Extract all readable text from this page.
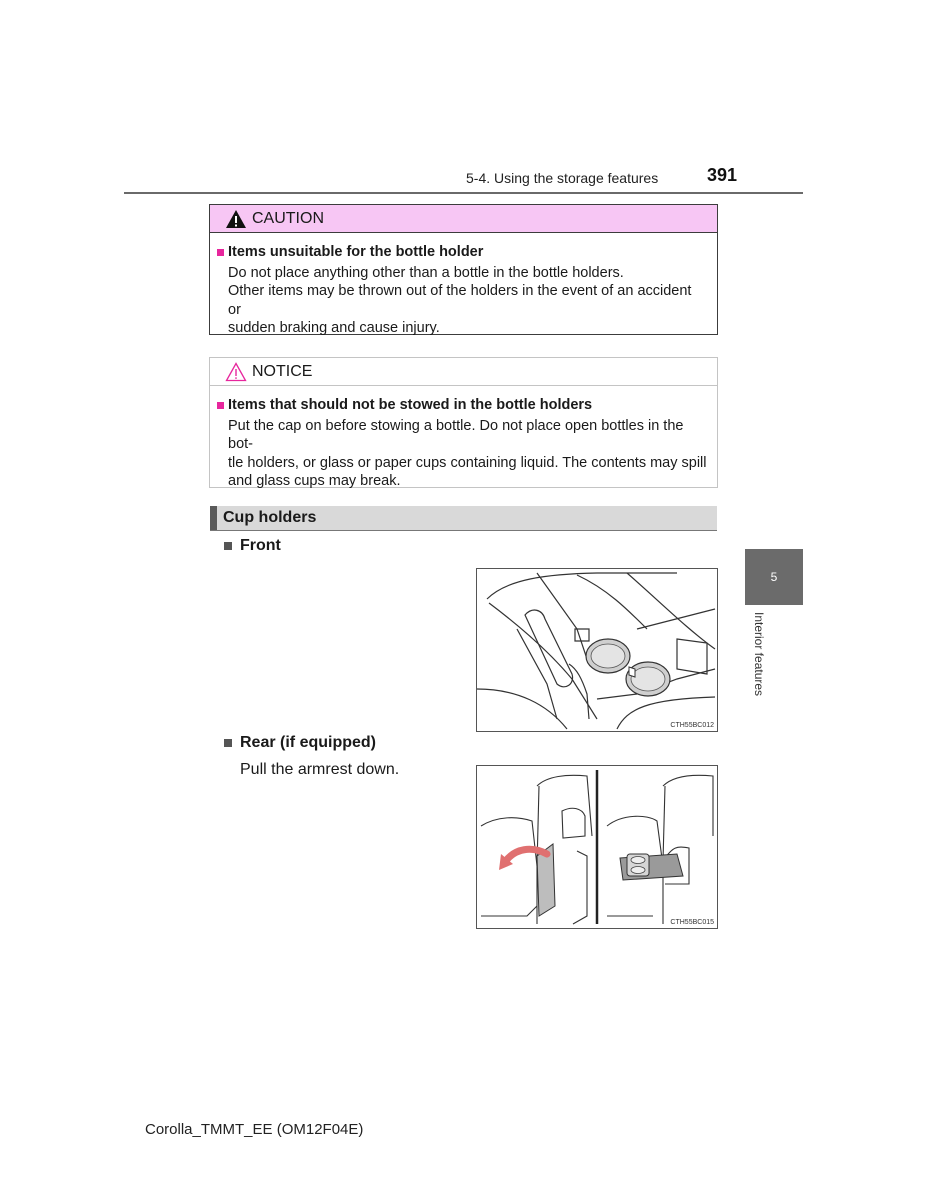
5-4. Using the storage features	391
CAUTION
Items unsuitable for the bottle holder
Do not place anything other than a bottle in the bottle holders.
Other items may be thrown out of the holders in the event of an accident or
sudden braking and cause injury.
NOTICE
Items that should not be stowed in the bottle holders
Put the cap on before stowing a bottle. Do not place open bottles in the bot-
tle holders, or glass or paper cups containing liquid. The contents may spill
and glass cups may break.
Cup holders
Front
CTH55BC012
Rear (if equipped)
Pull the armrest down.
CTH55BC015
5
Interior features
Corolla_TMMT_EE (OM12F04E)
